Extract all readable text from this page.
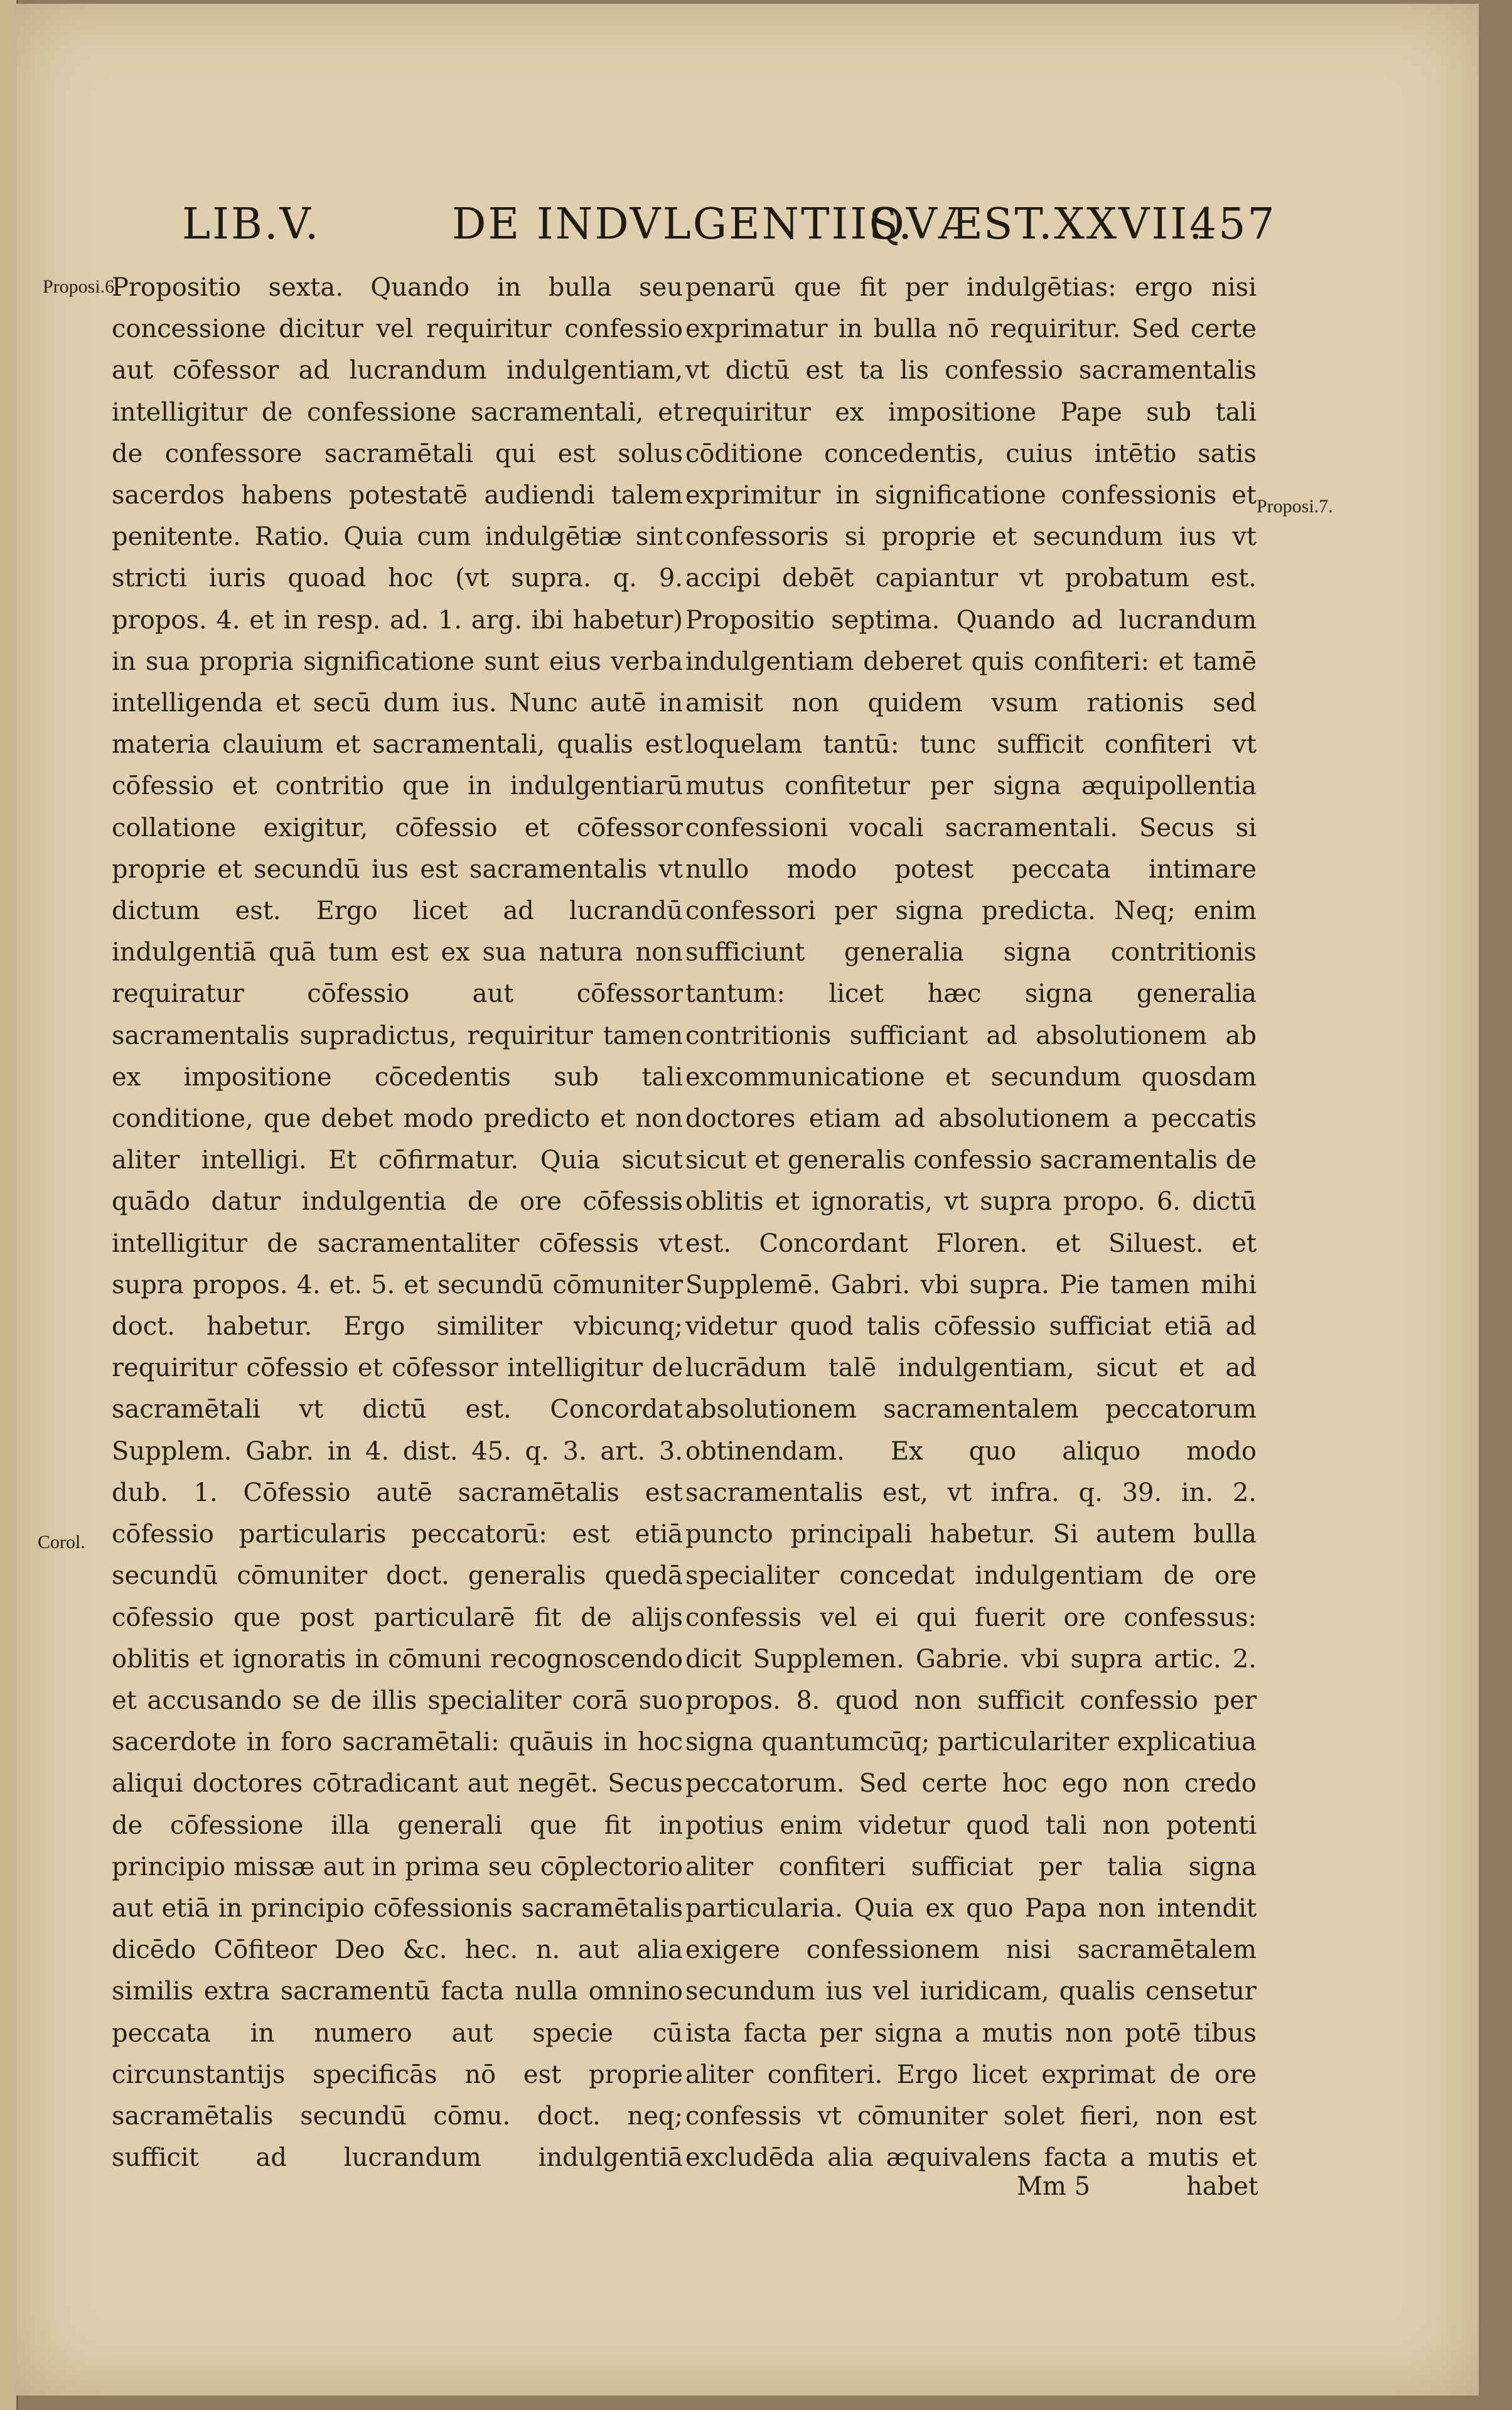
LIB.V.	DE INDVLGENTIIS.
QVÆST.XXVII.
457
Proposi.6.
Corol.
Proposi.7.

Propositio sexta. Quando in bulla seu concessione dicitur vel requiritur confessio aut cōfessor ad lucrandum indulgentiam, intelligitur de confessione sacramentali, et de confessore sacramētali qui est solus sacerdos habens potestatē audiendi talem penitente. Ratio. Quia cum indulgētiæ sint stricti iuris quoad hoc (vt supra. q. 9. propos. 4. et in resp. ad. 1. arg. ibi habetur) in sua propria significatione sunt eius verba intelligenda et secū dum ius. Nunc autē in materia clauium et sacramentali, qualis est cōfessio et contritio que in indulgentiarū collatione exigitur, cōfessio et cōfessor proprie et secundū ius est sacramentalis vt dictum est. Ergo licet ad lucrandū indulgentiā quā tum est ex sua natura non requiratur cōfessio aut cōfessor sacramentalis supradictus, requiritur tamen ex impositione cōcedentis sub tali conditione, que debet modo predicto et non aliter intelligi. Et cōfirmatur. Quia sicut quādo datur indulgentia de ore cōfessis intelligitur de sacramentaliter cōfessis vt supra propos. 4. et. 5. et secundū cōmuniter doct. habetur. Ergo similiter vbicunq; requiritur cōfessio et cōfessor intelligitur de sacramētali vt dictū est. Concordat Supplem. Gabr. in 4. dist. 45. q. 3. art. 3. dub. 1. Cōfessio autē sacramētalis est cōfessio particularis peccatorū: est etiā secundū cōmuniter doct. generalis quedā cōfessio que post particularē fit de alijs oblitis et ignoratis in cōmuni recognoscendo et accusando se de illis specialiter corā suo sacerdote in foro sacramētali: quāuis in hoc aliqui doctores cōtradicant aut negēt. Secus de cōfessione illa generali que fit in principio missæ aut in prima seu cōplectorio aut etiā in principio cōfessionis sacramētalis dicēdo Cōfiteor Deo &c. hec. n. aut alia similis extra sacramentū facta nulla omnino peccata in numero aut specie cū circunstantijs specificās nō est proprie sacramētalis secundū cōmu. doct. neq; sufficit ad lucrandum indulgentiā

penarū que fit per indulgētias: ergo nisi exprimatur in bulla nō requiritur. Sed certe vt dictū est ta lis confessio sacramentalis requiritur ex impositione Pape sub tali cōditione concedentis, cuius intētio satis exprimitur in significatione confessionis et confessoris si proprie et secundum ius vt accipi debēt capiantur vt probatum est. Propositio septima. Quando ad lucrandum indulgentiam deberet quis confiteri: et tamē amisit non quidem vsum rationis sed loquelam tantū: tunc sufficit confiteri vt mutus confitetur per signa æquipollentia confessioni vocali sacramentali. Secus si nullo modo potest peccata intimare confessori per signa predicta. Neq; enim sufficiunt generalia signa contritionis tantum: licet hæc signa generalia contritionis sufficiant ad absolutionem ab excommunicatione et secundum quosdam doctores etiam ad absolutionem a peccatis sicut et generalis confessio sacramentalis de oblitis et ignoratis, vt supra propo. 6. dictū est. Concordant Floren. et Siluest. et Supplemē. Gabri. vbi supra. Pie tamen mihi videtur quod talis cōfessio sufficiat etiā ad lucrādum talē indulgentiam, sicut et ad absolutionem sacramentalem peccatorum obtinendam. Ex quo aliquo modo sacramentalis est, vt infra. q. 39. in. 2. puncto principali habetur. Si autem bulla specialiter concedat indulgentiam de ore confessis vel ei qui fuerit ore confessus: dicit Supplemen. Gabrie. vbi supra artic. 2. propos. 8. quod non sufficit confessio per signa quantumcūq; particulariter explicatiua peccatorum. Sed certe hoc ego non credo potius enim videtur quod tali non potenti aliter confiteri sufficiat per talia signa particularia. Quia ex quo Papa non intendit exigere confessionem nisi sacramētalem secundum ius vel iuridicam, qualis censetur ista facta per signa a mutis non potē tibus aliter confiteri. Ergo licet exprimat de ore confessis vt cōmuniter solet fieri, non est excludēda alia æquivalens facta a mutis et

Mm 5	habet
